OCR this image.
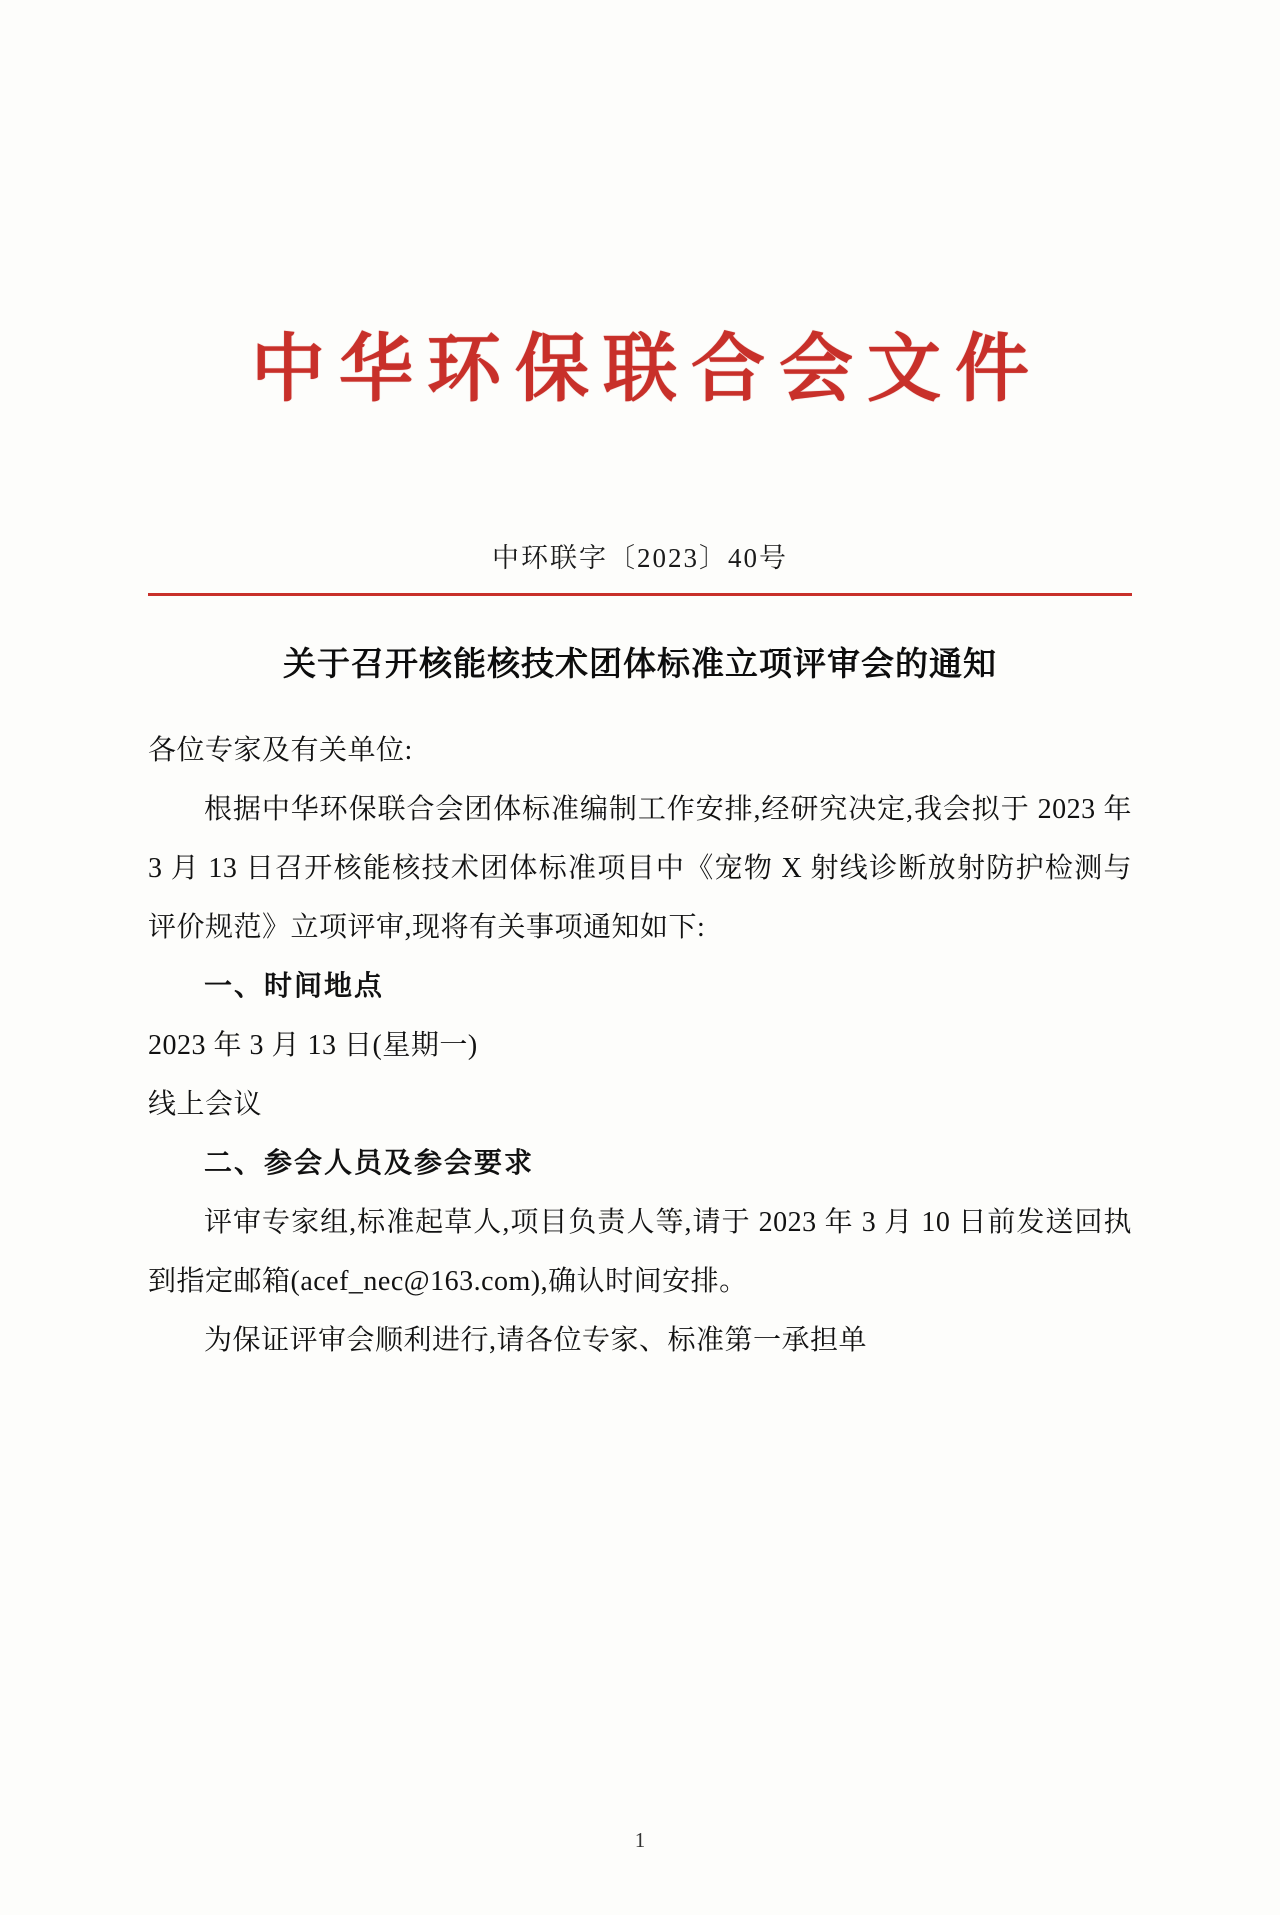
中华环保联合会文件
中环联字〔2023〕40号
关于召开核能核技术团体标准立项评审会的通知

各位专家及有关单位:

根据中华环保联合会团体标准编制工作安排,经研究决定,我会拟于 2023 年 3 月 13 日召开核能核技术团体标准项目中《宠物 X 射线诊断放射防护检测与评价规范》立项评审,现将有关事项通知如下:

一、时间地点

2023 年 3 月 13 日(星期一)

线上会议

二、参会人员及参会要求

评审专家组,标准起草人,项目负责人等,请于 2023 年 3 月 10 日前发送回执到指定邮箱(acef_nec@163.com),确认时间安排。

为保证评审会顺利进行,请各位专家、标准第一承担单

1
